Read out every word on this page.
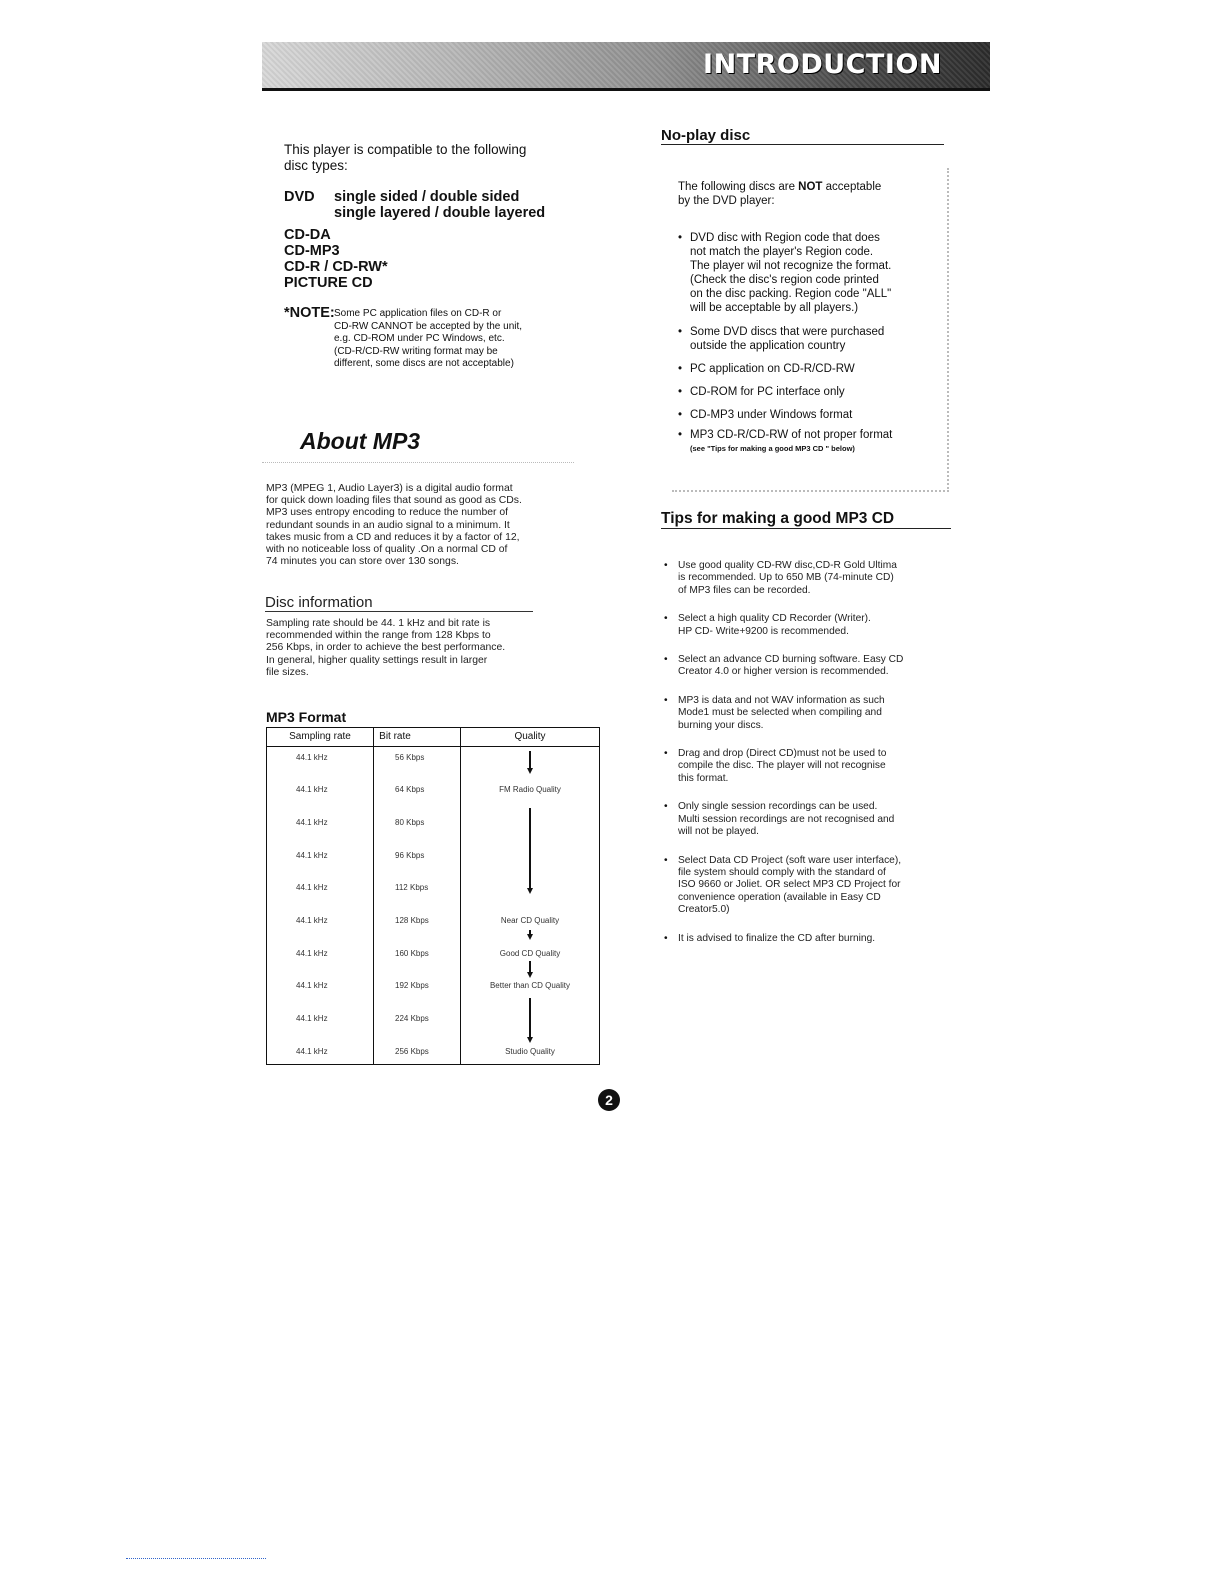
INTRODUCTION
This player is compatible to the following
disc types:
DVD	single sided / double sided
single layered / double layered
CD-DA
CD-MP3
CD-R / CD-RW*
PICTURE CD
*NOTE: Some PC application files on CD-R or
CD-RW CANNOT be accepted by the unit,
e.g. CD-ROM under PC Windows, etc.
(CD-R/CD-RW writing format may be
different, some discs are not acceptable)
About MP3
MP3 (MPEG 1, Audio Layer3) is a digital audio format
for quick down loading files that sound as good as CDs.
MP3 uses entropy encoding to reduce the number of
redundant sounds in an audio signal to a minimum. It
takes music from a CD and reduces it by a factor of 12,
with no noticeable loss of quality .On a normal CD of
74 minutes you can store over 130 songs.
Disc information
Sampling rate should be 44. 1 kHz and bit rate is
recommended within the range from 128 Kbps to
256 Kbps, in order to achieve the best performance.
In general, higher quality settings result in larger
file sizes.
MP3 Format
Sampling rate	Bit rate	Quality
44.1 kHz	56 Kbps
44.1 kHz	64 Kbps	FM Radio Quality
44.1 kHz	80 Kbps
44.1 kHz	96 Kbps
44.1 kHz	112 Kbps
44.1 kHz	128 Kbps	Near CD Quality
44.1 kHz	160 Kbps	Good CD Quality
44.1 kHz	192 Kbps	Better than CD Quality
44.1 kHz	224 Kbps
44.1 kHz	256 Kbps	Studio Quality
No-play disc
The following discs are NOT acceptable
by the DVD player:
• DVD disc with Region code that does
not match the player's Region code.
The player wil not recognize the format.
(Check the disc's region code printed
on the disc packing. Region code "ALL"
will be acceptable by all players.)
• Some DVD discs that were purchased
outside the application country
• PC application on CD-R/CD-RW
• CD-ROM for PC interface only
• CD-MP3 under Windows format
• MP3 CD-R/CD-RW of not proper format
(see "Tips for making a good MP3 CD " below)
Tips for making a good MP3 CD
•	Use good quality CD-RW disc,CD-R Gold Ultima
is recommended. Up to 650 MB (74-minute CD)
of MP3 files can be recorded.
•	Select a high quality CD Recorder (Writer).
HP CD- Write+9200 is recommended.
•	Select an advance CD burning software. Easy CD
Creator 4.0 or higher version is recommended.
•	MP3 is data and not WAV information as such
Mode1 must be selected when compiling and
burning your discs.
•	Drag and drop (Direct CD)must not be used to
compile the disc. The player will not recognise
this format.
•	Only single session recordings can be used.
Multi session recordings are not recognised and
will not be played.
•	Select Data CD Project (soft ware user interface),
file system should comply with the standard of
ISO 9660 or Joliet. OR select MP3 CD Project for
convenience operation (available in Easy CD
Creator5.0)
•	It is advised to finalize the CD after burning.
2
